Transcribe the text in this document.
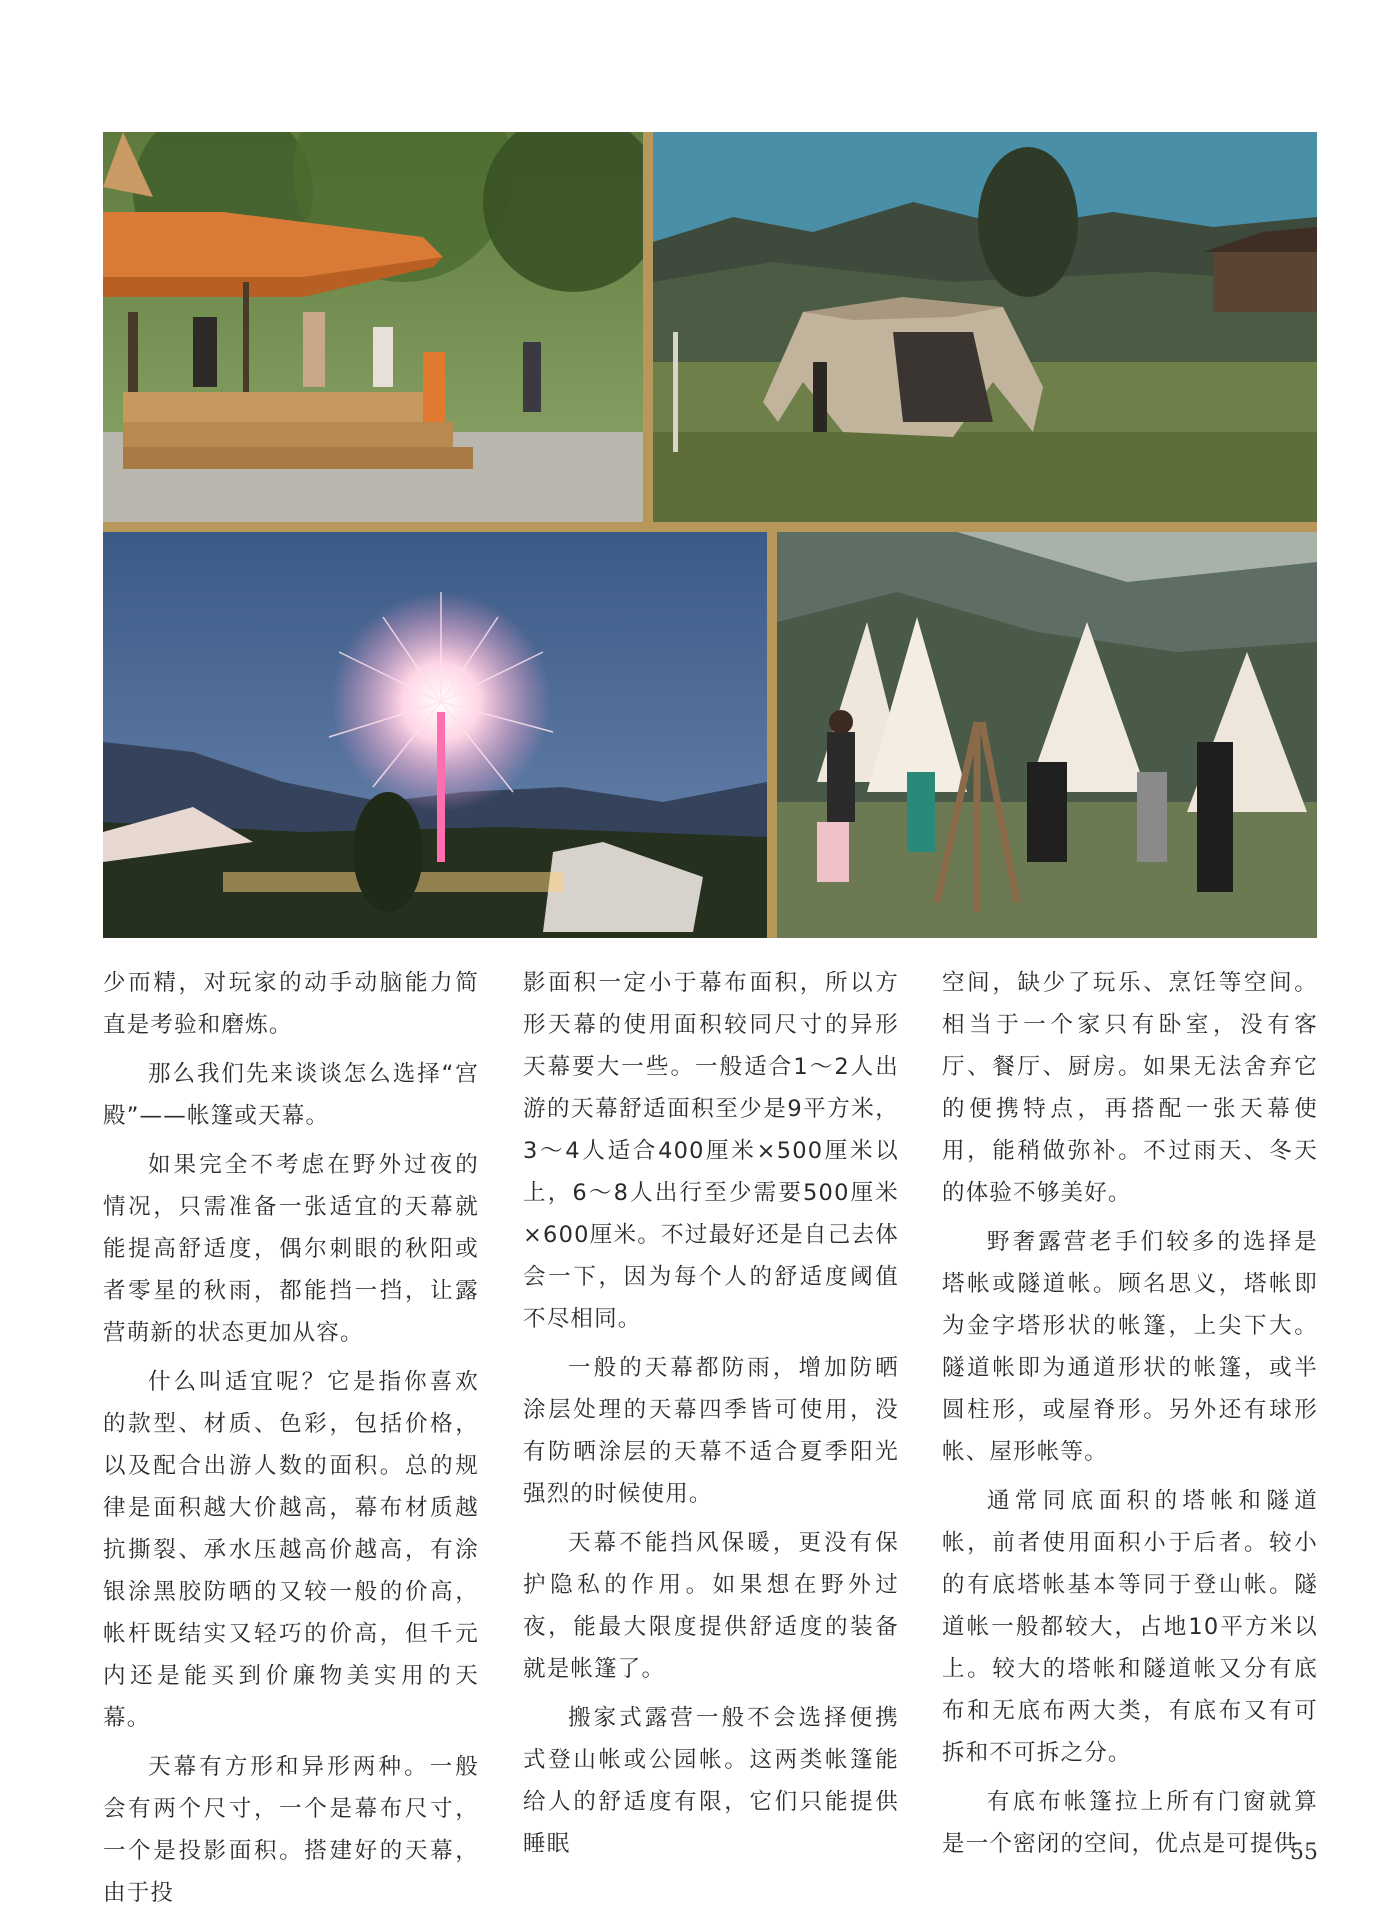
少而精，对玩家的动手动脑能力简直是考验和磨炼。

那么我们先来谈谈怎么选择“宫殿”——帐篷或天幕。

如果完全不考虑在野外过夜的情况，只需准备一张适宜的天幕就能提高舒适度，偶尔刺眼的秋阳或者零星的秋雨，都能挡一挡，让露营萌新的状态更加从容。

什么叫适宜呢？它是指你喜欢的款型、材质、色彩，包括价格，以及配合出游人数的面积。总的规律是面积越大价越高，幕布材质越抗撕裂、承水压越高价越高，有涂银涂黑胶防晒的又较一般的价高，帐杆既结实又轻巧的价高，但千元内还是能买到价廉物美实用的天幕。

天幕有方形和异形两种。一般会有两个尺寸，一个是幕布尺寸，一个是投影面积。搭建好的天幕，由于投

影面积一定小于幕布面积，所以方形天幕的使用面积较同尺寸的异形天幕要大一些。一般适合1～2人出游的天幕舒适面积至少是9平方米，3～4人适合400厘米×500厘米以上，6～8人出行至少需要500厘米×600厘米。不过最好还是自己去体会一下，因为每个人的舒适度阈值不尽相同。

一般的天幕都防雨，增加防晒涂层处理的天幕四季皆可使用，没有防晒涂层的天幕不适合夏季阳光强烈的时候使用。

天幕不能挡风保暖，更没有保护隐私的作用。如果想在野外过夜，能最大限度提供舒适度的装备就是帐篷了。

搬家式露营一般不会选择便携式登山帐或公园帐。这两类帐篷能给人的舒适度有限，它们只能提供睡眠

空间，缺少了玩乐、烹饪等空间。相当于一个家只有卧室，没有客厅、餐厅、厨房。如果无法舍弃它的便携特点，再搭配一张天幕使用，能稍做弥补。不过雨天、冬天的体验不够美好。

野奢露营老手们较多的选择是塔帐或隧道帐。顾名思义，塔帐即为金字塔形状的帐篷，上尖下大。隧道帐即为通道形状的帐篷，或半圆柱形，或屋脊形。另外还有球形帐、屋形帐等。

通常同底面积的塔帐和隧道帐，前者使用面积小于后者。较小的有底塔帐基本等同于登山帐。隧道帐一般都较大，占地10平方米以上。较大的塔帐和隧道帐又分有底布和无底布两大类，有底布又有可拆和不可拆之分。

有底布帐篷拉上所有门窗就算是一个密闭的空间，优点是可提供

55
